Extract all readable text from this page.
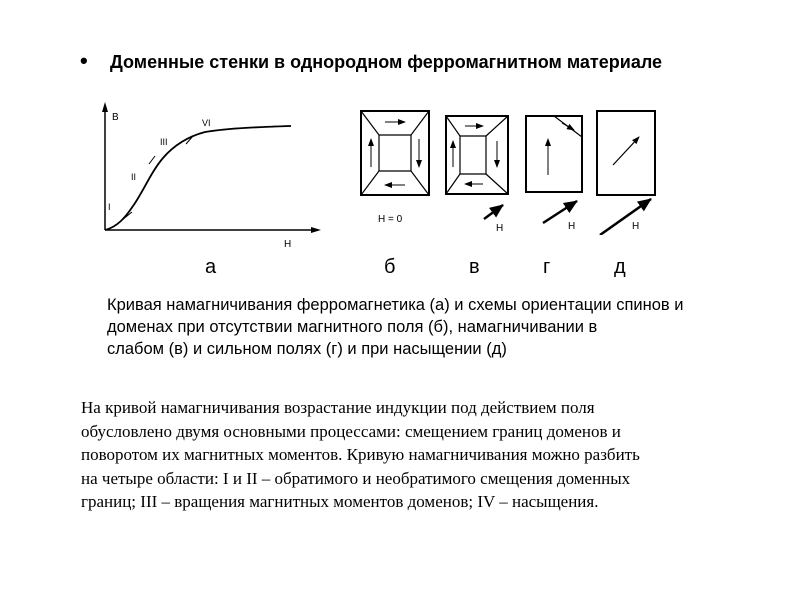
• Доменные стенки в однородном ферромагнитном материале
B
H
I
II
III
VI
H = 0
H	H	H
а	б	в	г	д
Кривая намагничивания ферромагнетика (а) и схемы ориентации спинов и
доменах при отсутствии магнитного поля (б), намагничивании в
слабом (в) и сильном полях (г) и при насыщении (д)
На кривой намагничивания возрастание индукции под действием поля
обусловлено двумя основными процессами: смещением границ доменов и
поворотом их магнитных моментов. Кривую намагничивания можно разбить
на четыре области: I и II – обратимого и необратимого смещения доменных
границ; III – вращения магнитных моментов доменов; IV – насыщения.
